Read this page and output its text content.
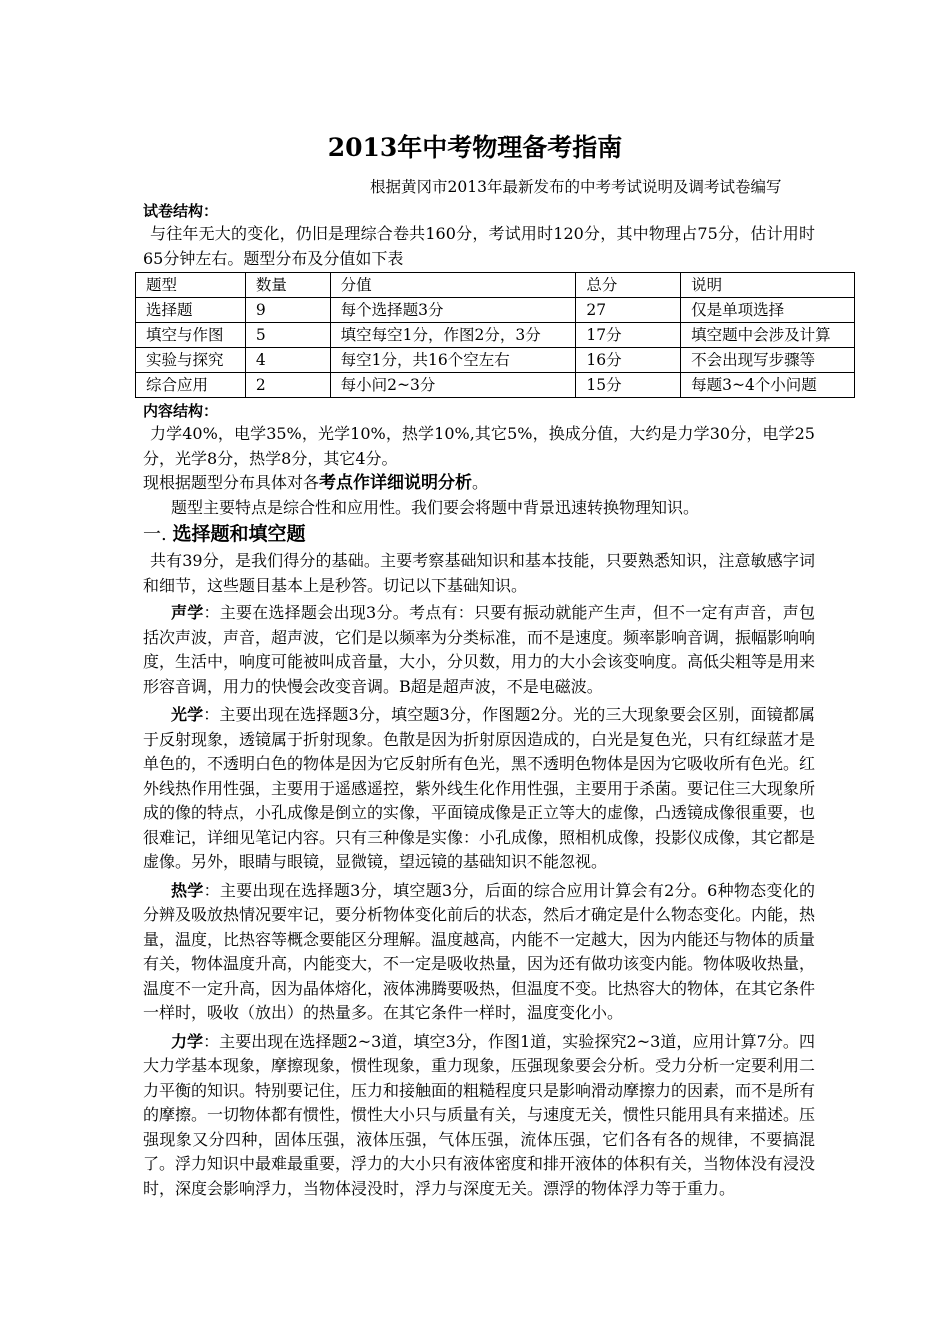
2013年中考物理备考指南
根据黄冈市2013年最新发布的中考考试说明及调考试卷编写
试卷结构：

与往年无大的变化，仍旧是理综合卷共160分，考试用时120分，其中物理占75分，估计用时65分钟左右。题型分布及分值如下表

题型	数量	分值	总分	说明
选择题	9	每个选择题3分	27	仅是单项选择
填空与作图	5	填空每空1分，作图2分，3分	17分	填空题中会涉及计算
实验与探究	4	每空1分，共16个空左右	16分	不会出现写步骤等
综合应用	2	每小问2~3分	15分	每题3~4个小问题
内容结构：

力学40%，电学35%，光学10%，热学10%,其它5%，换成分值，大约是力学30分，电学25分，光学8分，热学8分，其它4分。

现根据题型分布具体对各考点作详细说明分析。

题型主要特点是综合性和应用性。我们要会将题中背景迅速转换物理知识。

一. 选择题和填空题

共有39分，是我们得分的基础。主要考察基础知识和基本技能，只要熟悉知识，注意敏感字词和细节，这些题目基本上是秒答。切记以下基础知识。

声学：主要在选择题会出现3分。考点有：只要有振动就能产生声，但不一定有声音，声包括次声波，声音，超声波，它们是以频率为分类标准，而不是速度。频率影响音调，振幅影响响度，生活中，响度可能被叫成音量，大小，分贝数，用力的大小会该变响度。高低尖粗等是用来形容音调，用力的快慢会改变音调。B超是超声波，不是电磁波。

光学：主要出现在选择题3分，填空题3分，作图题2分。光的三大现象要会区别，面镜都属于反射现象，透镜属于折射现象。色散是因为折射原因造成的，白光是复色光，只有红绿蓝才是单色的，不透明白色的物体是因为它反射所有色光，黑不透明色物体是因为它吸收所有色光。红外线热作用性强，主要用于遥感遥控，紫外线生化作用性强，主要用于杀菌。要记住三大现象所成的像的特点，小孔成像是倒立的实像，平面镜成像是正立等大的虚像，凸透镜成像很重要，也很难记，详细见笔记内容。只有三种像是实像：小孔成像，照相机成像，投影仪成像，其它都是虚像。另外，眼睛与眼镜，显微镜，望远镜的基础知识不能忽视。

热学：主要出现在选择题3分，填空题3分，后面的综合应用计算会有2分。6种物态变化的分辨及吸放热情况要牢记，要分析物体变化前后的状态，然后才确定是什么物态变化。内能，热量，温度，比热容等概念要能区分理解。温度越高，内能不一定越大，因为内能还与物体的质量有关，物体温度升高，内能变大，不一定是吸收热量，因为还有做功该变内能。物体吸收热量，温度不一定升高，因为晶体熔化，液体沸腾要吸热，但温度不变。比热容大的物体，在其它条件一样时，吸收（放出）的热量多。在其它条件一样时，温度变化小。

力学：主要出现在选择题2~3道，填空3分，作图1道，实验探究2~3道，应用计算7分。四大力学基本现象，摩擦现象，惯性现象，重力现象，压强现象要会分析。受力分析一定要利用二力平衡的知识。特别要记住，压力和接触面的粗糙程度只是影响滑动摩擦力的因素，而不是所有的摩擦。一切物体都有惯性，惯性大小只与质量有关，与速度无关，惯性只能用具有来描述。压强现象又分四种，固体压强，液体压强，气体压强，流体压强，它们各有各的规律，不要搞混了。浮力知识中最难最重要，浮力的大小只有液体密度和排开液体的体积有关，当物体没有浸没时，深度会影响浮力，当物体浸没时，浮力与深度无关。漂浮的物体浮力等于重力。
